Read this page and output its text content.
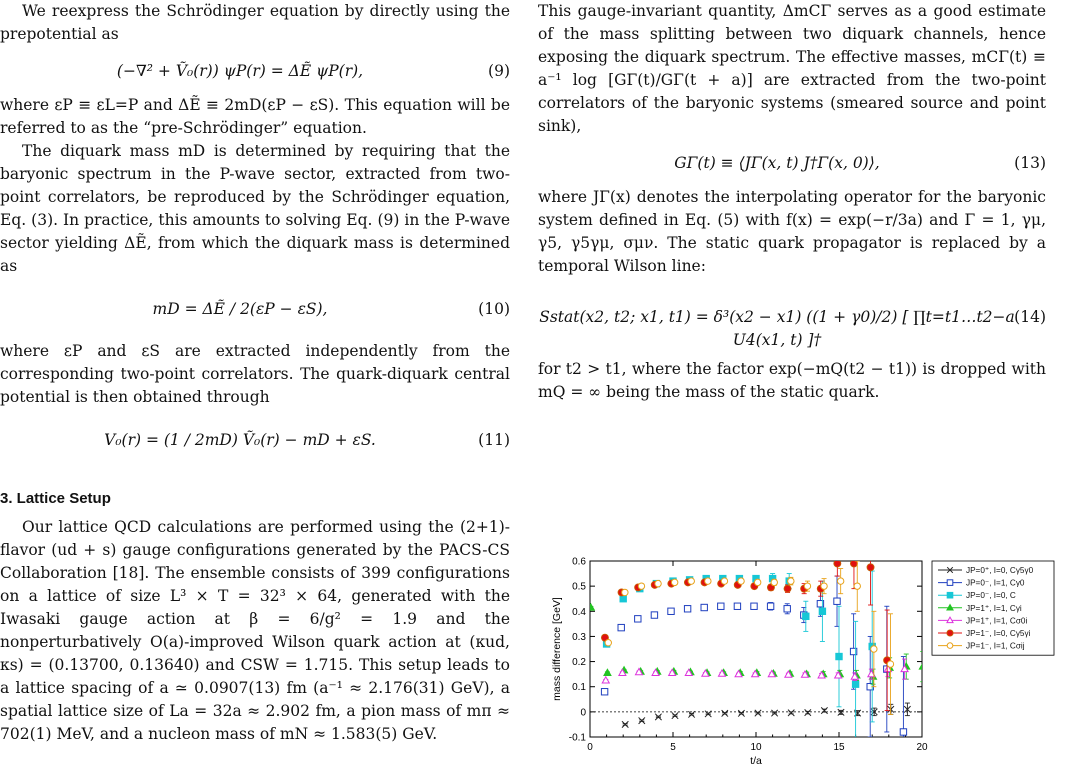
We reexpress the Schrödinger equation by directly using the prepotential as

(−∇² + Ṽ₀(r)) ψP(r) = ΔẼ ψP(r),	(9)

where εP ≡ εL=P and ΔẼ ≡ 2mD(εP − εS). This equation will be referred to as the “pre-Schrödinger” equation.

The diquark mass mD is determined by requiring that the baryonic spectrum in the P-wave sector, extracted from two-point correlators, be reproduced by the Schrödinger equation, Eq. (3). In practice, this amounts to solving Eq. (9) in the P-wave sector yielding ΔẼ, from which the diquark mass is determined as

mD = ΔẼ / 2(εP − εS),	(10)

where εP and εS are extracted independently from the corresponding two-point correlators. The quark-diquark central potential is then obtained through

V₀(r) = (1 / 2mD) Ṽ₀(r) − mD + εS.	(11)
3. Lattice Setup

Our lattice QCD calculations are performed using the (2+1)-flavor (ud + s) gauge configurations generated by the PACS-CS Collaboration [18]. The ensemble consists of 399 configurations on a lattice of size L³ × T = 32³ × 64, generated with the Iwasaki gauge action at β = 6/g² = 1.9 and the nonperturbatively O(a)-improved Wilson quark action at (κud, κs) = (0.13700, 0.13640) and CSW = 1.715. This setup leads to a lattice spacing of a ≃ 0.0907(13) fm (a⁻¹ ≈ 2.176(31) GeV), a spatial lattice size of La = 32a ≈ 2.902 fm, a pion mass of mπ ≈ 702(1) MeV, and a nucleon mass of mN ≈ 1.583(5) GeV.

This gauge-invariant quantity, ΔmCΓ serves as a good estimate of the mass splitting between two diquark channels, hence exposing the diquark spectrum. The effective masses, mCΓ(t) ≡ a⁻¹ log [GΓ(t)/GΓ(t + a)] are extracted from the two-point correlators of the baryonic systems (smeared source and point sink),

GΓ(t) ≡ ⟨JΓ(x, t) J†Γ(x, 0)⟩,	(13)

where JΓ(x) denotes the interpolating operator for the baryonic system defined in Eq. (5) with f(x) = exp(−r/3a) and Γ = 1, γμ, γ5, γ5γμ, σμν. The static quark propagator is replaced by a temporal Wilson line:

Sstat(x2, t2; x1, t1) = δ³(x2 − x1) ((1 + γ0)/2) [ ∏t=t1…t2−a U4(x1, t) ]†
(14)

for t2 > t1, where the factor exp(−mQ(t2 − t1)) is dropped with mQ = ∞ being the mass of the static quark.

0	5	10	15	20
-0.1
0
0.1
0.2
0.3
0.4
0.5
0.6
t/a
mass difference [GeV]
JP=0⁺, I=0, Cγ5γ0
JP=0⁻, I=1, Cγ0
JP=0⁻, I=0, C
JP=1⁺, I=1, Cγi
JP=1⁺, I=1, Cσ0i
JP=1⁻, I=0, Cγ5γi
JP=1⁻, I=1, Cσij
